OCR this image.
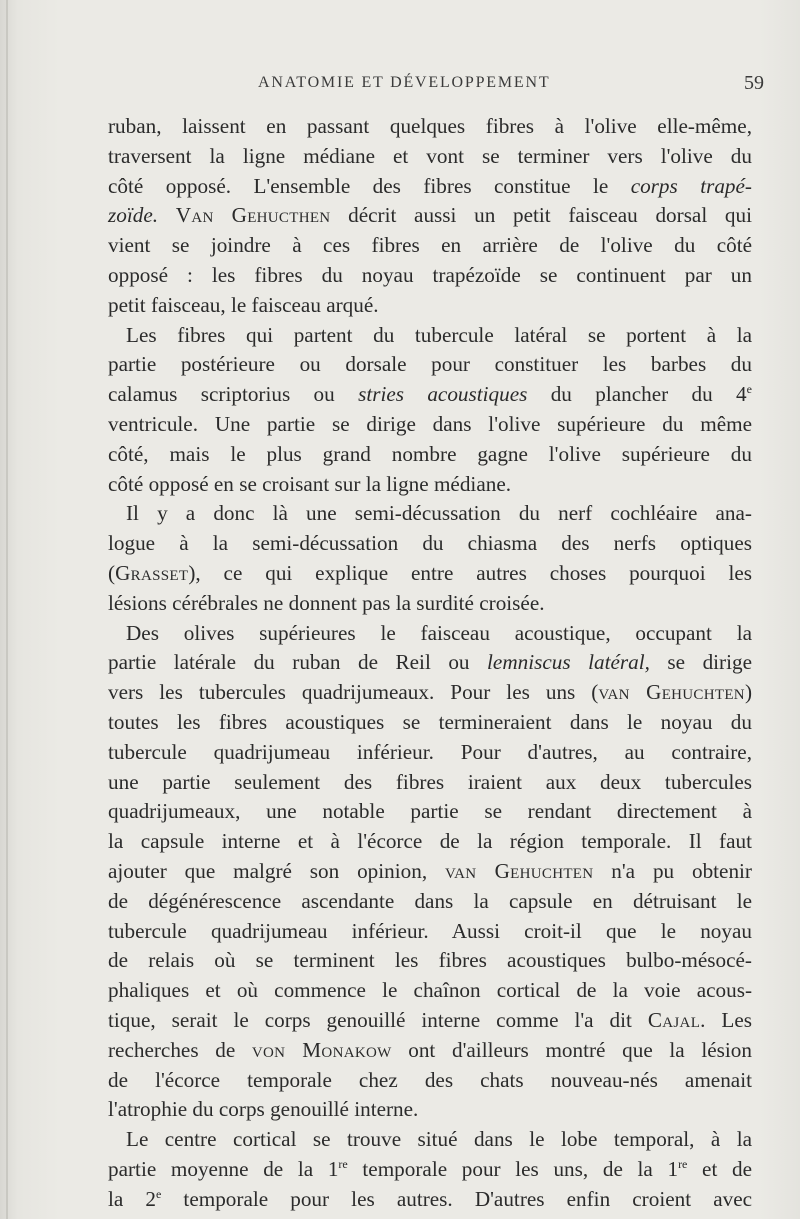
ANATOMIE ET DÉVELOPPEMENT	59
ruban, laissent en passant quelques fibres à l'olive elle-même,
traversent la ligne médiane et vont se terminer vers l'olive du
côté opposé. L'ensemble des fibres constitue le corps trapé-
zoïde. Van Gehucthen décrit aussi un petit faisceau dorsal qui
vient se joindre à ces fibres en arrière de l'olive du côté
opposé : les fibres du noyau trapézoïde se continuent par un
petit faisceau, le faisceau arqué.
Les fibres qui partent du tubercule latéral se portent à la
partie postérieure ou dorsale pour constituer les barbes du
calamus scriptorius ou stries acoustiques du plancher du 4e
ventricule. Une partie se dirige dans l'olive supérieure du même
côté, mais le plus grand nombre gagne l'olive supérieure du
côté opposé en se croisant sur la ligne médiane.
Il y a donc là une semi-décussation du nerf cochléaire ana-
logue à la semi-décussation du chiasma des nerfs optiques
(Grasset), ce qui explique entre autres choses pourquoi les
lésions cérébrales ne donnent pas la surdité croisée.
Des olives supérieures le faisceau acoustique, occupant la
partie latérale du ruban de Reil ou lemniscus latéral, se dirige
vers les tubercules quadrijumeaux. Pour les uns (van Gehuchten)
toutes les fibres acoustiques se termineraient dans le noyau du
tubercule quadrijumeau inférieur. Pour d'autres, au contraire,
une partie seulement des fibres iraient aux deux tubercules
quadrijumeaux, une notable partie se rendant directement à
la capsule interne et à l'écorce de la région temporale. Il faut
ajouter que malgré son opinion, van Gehuchten n'a pu obtenir
de dégénérescence ascendante dans la capsule en détruisant le
tubercule quadrijumeau inférieur. Aussi croit-il que le noyau
de relais où se terminent les fibres acoustiques bulbo-mésocé-
phaliques et où commence le chaînon cortical de la voie acous-
tique, serait le corps genouillé interne comme l'a dit Cajal. Les
recherches de von Monakow ont d'ailleurs montré que la lésion
de l'écorce temporale chez des chats nouveau-nés amenait
l'atrophie du corps genouillé interne.
Le centre cortical se trouve situé dans le lobe temporal, à la
partie moyenne de la 1re temporale pour les uns, de la 1re et de
la 2e temporale pour les autres. D'autres enfin croient avec
